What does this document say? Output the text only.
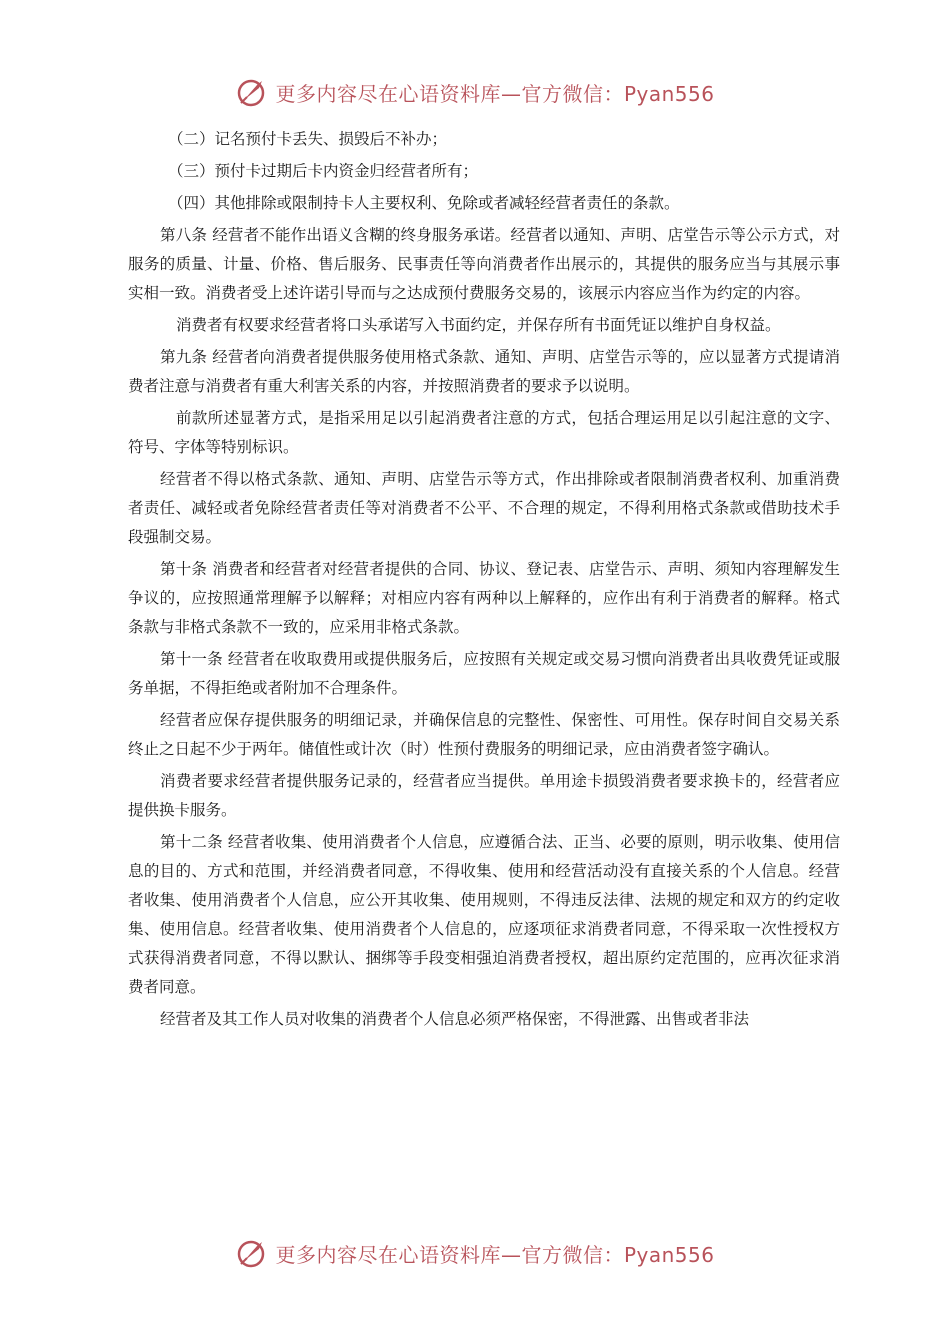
更多内容尽在心语资料库—官方微信：Pyan556

（二）记名预付卡丢失、损毁后不补办；

（三）预付卡过期后卡内资金归经营者所有；

（四）其他排除或限制持卡人主要权利、免除或者减轻经营者责任的条款。

第八条 经营者不能作出语义含糊的终身服务承诺。经营者以通知、声明、店堂告示等公示方式，对服务的质量、计量、价格、售后服务、民事责任等向消费者作出展示的，其提供的服务应当与其展示事实相一致。消费者受上述许诺引导而与之达成预付费服务交易的，该展示内容应当作为约定的内容。

消费者有权要求经营者将口头承诺写入书面约定，并保存所有书面凭证以维护自身权益。

第九条 经营者向消费者提供服务使用格式条款、通知、声明、店堂告示等的，应以显著方式提请消费者注意与消费者有重大利害关系的内容，并按照消费者的要求予以说明。

前款所述显著方式，是指采用足以引起消费者注意的方式，包括合理运用足以引起注意的文字、符号、字体等特别标识。

经营者不得以格式条款、通知、声明、店堂告示等方式，作出排除或者限制消费者权利、加重消费者责任、减轻或者免除经营者责任等对消费者不公平、不合理的规定，不得利用格式条款或借助技术手段强制交易。

第十条 消费者和经营者对经营者提供的合同、协议、登记表、店堂告示、声明、须知内容理解发生争议的，应按照通常理解予以解释；对相应内容有两种以上解释的，应作出有利于消费者的解释。格式条款与非格式条款不一致的，应采用非格式条款。

第十一条 经营者在收取费用或提供服务后，应按照有关规定或交易习惯向消费者出具收费凭证或服务单据，不得拒绝或者附加不合理条件。

经营者应保存提供服务的明细记录，并确保信息的完整性、保密性、可用性。保存时间自交易关系终止之日起不少于两年。储值性或计次（时）性预付费服务的明细记录，应由消费者签字确认。

消费者要求经营者提供服务记录的，经营者应当提供。单用途卡损毁消费者要求换卡的，经营者应提供换卡服务。

第十二条 经营者收集、使用消费者个人信息，应遵循合法、正当、必要的原则，明示收集、使用信息的目的、方式和范围，并经消费者同意，不得收集、使用和经营活动没有直接关系的个人信息。经营者收集、使用消费者个人信息，应公开其收集、使用规则，不得违反法律、法规的规定和双方的约定收集、使用信息。经营者收集、使用消费者个人信息的，应逐项征求消费者同意，不得采取一次性授权方式获得消费者同意，不得以默认、捆绑等手段变相强迫消费者授权，超出原约定范围的，应再次征求消费者同意。

经营者及其工作人员对收集的消费者个人信息必须严格保密，不得泄露、出售或者非法

更多内容尽在心语资料库—官方微信：Pyan556
